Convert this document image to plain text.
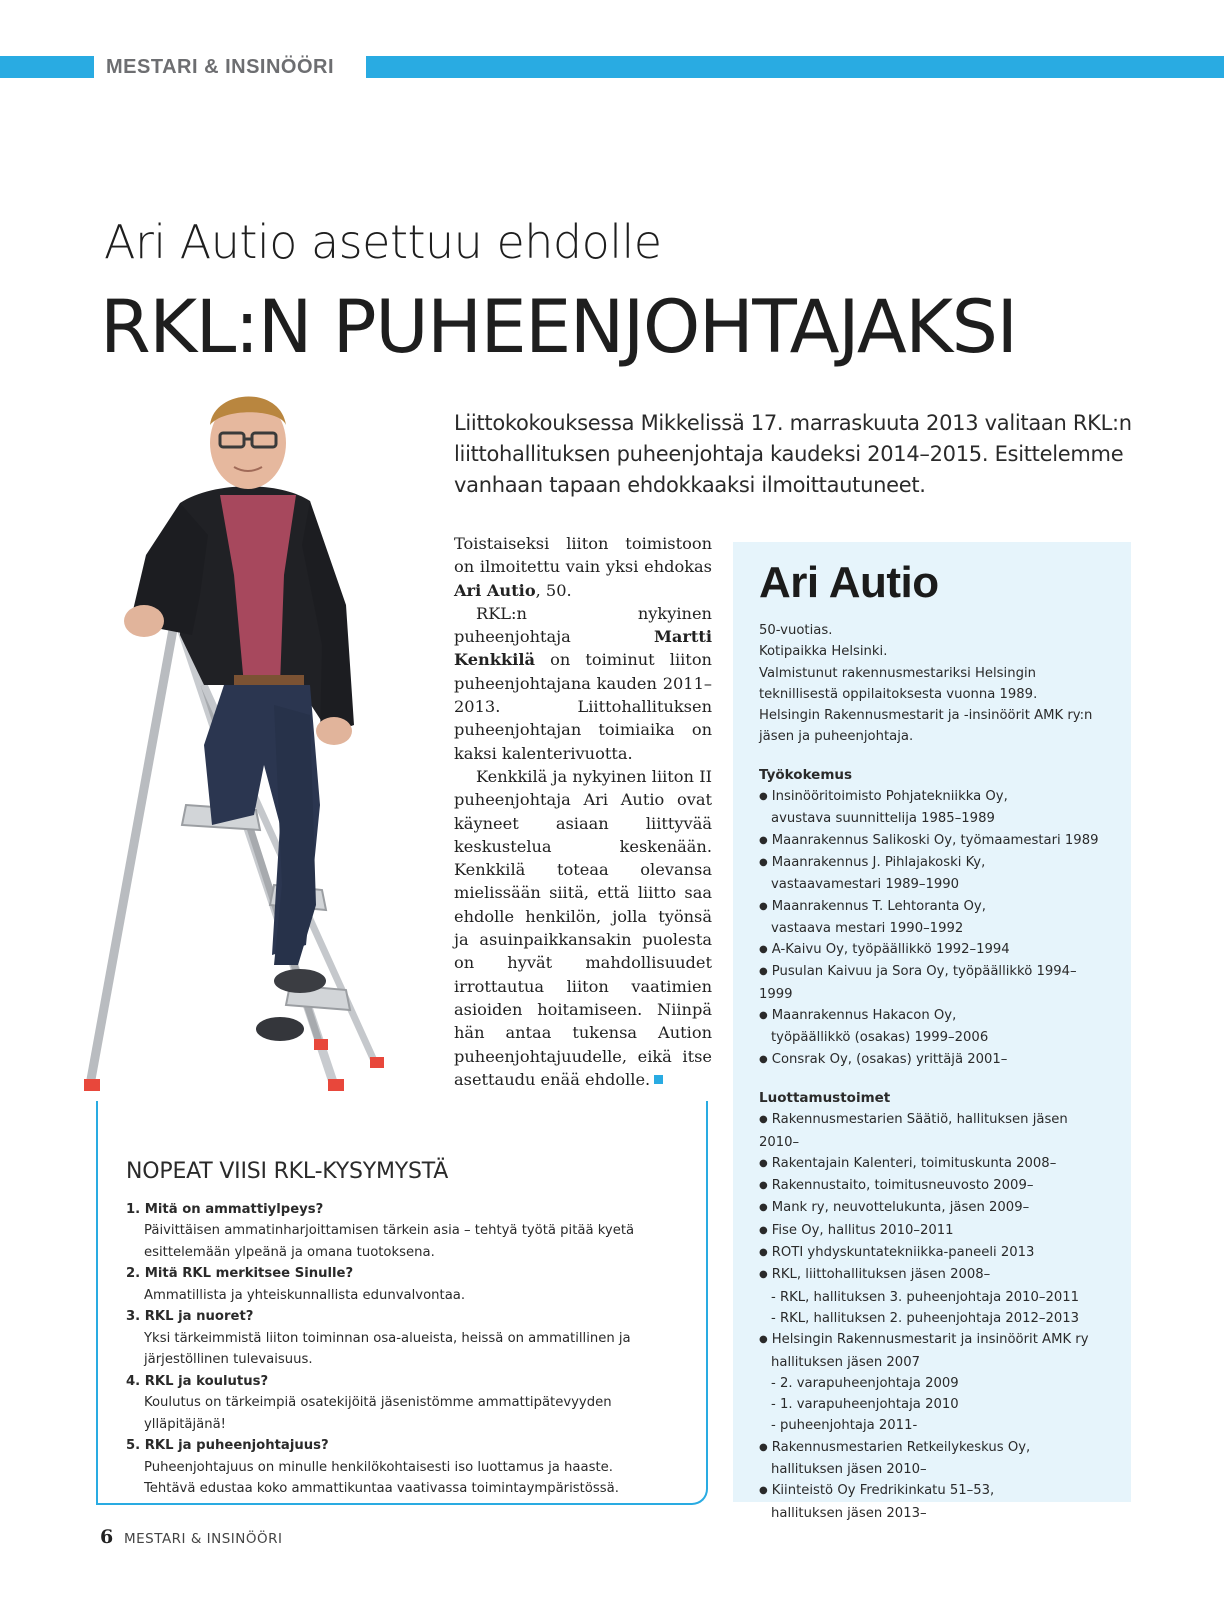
MESTARI & INSINÖÖRI
Ari Autio asettuu ehdolle
RKL:N PUHEENJOHTAJAKSI
Liittokokouksessa Mikkelissä 17. marraskuuta 2013 valitaan RKL:n liittohallituksen puheenjohtaja kaudeksi 2014–2015. Esittelemme vanhaan tapaan ehdokkaaksi ilmoittautuneet.

Toistaiseksi liiton toimistoon on ilmoitettu vain yksi ehdokas Ari Autio, 50.

RKL:n nykyinen puheenjohtaja Martti Kenkkilä on toiminut liiton puheenjohtajana kauden 2011–2013. Liittohallituksen puheenjohtajan toimiaika on kaksi kalenterivuotta.

Kenkkilä ja nykyinen liiton II puheenjohtaja Ari Autio ovat käyneet asiaan liittyvää keskustelua keskenään. Kenkkilä toteaa olevansa mielissään siitä, että liitto saa ehdolle henkilön, jolla työnsä ja asuinpaikkansakin puolesta on hyvät mahdollisuudet irrottautua liiton vaatimien asioiden hoitamiseen. Niinpä hän antaa tukensa Aution puheenjohtajuudelle, eikä itse asettaudu enää ehdolle.

Ari Autio
50-vuotias.
Kotipaikka Helsinki.
Valmistunut rakennusmestariksi Helsingin
teknillisestä oppilaitoksesta vuonna 1989.
Helsingin Rakennusmestarit ja -insinöörit AMK ry:n
jäsen ja puheenjohtaja.
Työkokemus
● Insinööritoimisto Pohjatekniikka Oy,
avustava suunnittelija 1985–1989
● Maanrakennus Salikoski Oy, työmaamestari 1989
● Maanrakennus J. Pihlajakoski Ky,
vastaavamestari 1989–1990
● Maanrakennus T. Lehtoranta Oy,
vastaava mestari 1990–1992
● A-Kaivu Oy, työpäällikkö 1992–1994
● Pusulan Kaivuu ja Sora Oy, työpäällikkö 1994–1999
● Maanrakennus Hakacon Oy,
työpäällikkö (osakas) 1999–2006
● Consrak Oy, (osakas) yrittäjä 2001–
Luottamustoimet
● Rakennusmestarien Säätiö, hallituksen jäsen 2010–
● Rakentajain Kalenteri, toimituskunta 2008–
● Rakennustaito, toimitusneuvosto 2009–
● Mank ry, neuvottelukunta, jäsen 2009–
● Fise Oy, hallitus 2010–2011
● ROTI yhdyskuntatekniikka-paneeli 2013
● RKL, liittohallituksen jäsen 2008–
- RKL, hallituksen 3. puheenjohtaja 2010–2011
- RKL, hallituksen 2. puheenjohtaja 2012–2013
● Helsingin Rakennusmestarit ja insinöörit AMK ry
hallituksen jäsen 2007
- 2. varapuheenjohtaja 2009
- 1. varapuheenjohtaja 2010
- puheenjohtaja 2011-
● Rakennusmestarien Retkeilykeskus Oy,
hallituksen jäsen 2010–
● Kiinteistö Oy Fredrikinkatu 51–53,
hallituksen jäsen 2013–
NOPEAT VIISI RKL-KYSYMYSTÄ
1. Mitä on ammattiylpeys?
Päivittäisen ammatinharjoittamisen tärkein asia – tehtyä työtä pitää kyetä
esittelemään ylpeänä ja omana tuotoksena.
2. Mitä RKL merkitsee Sinulle?
Ammatillista ja yhteiskunnallista edunvalvontaa.
3. RKL ja nuoret?
Yksi tärkeimmistä liiton toiminnan osa-alueista, heissä on ammatillinen ja
järjestöllinen tulevaisuus.
4. RKL ja koulutus?
Koulutus on tärkeimpiä osatekijöitä jäsenistömme ammattipätevyyden ylläpitäjänä!
5. RKL ja puheenjohtajuus?
Puheenjohtajuus on minulle henkilökohtaisesti iso luottamus ja haaste.
Tehtävä edustaa koko ammattikuntaa vaativassa toimintaympäristössä.
6 MESTARI & INSINÖÖRI
